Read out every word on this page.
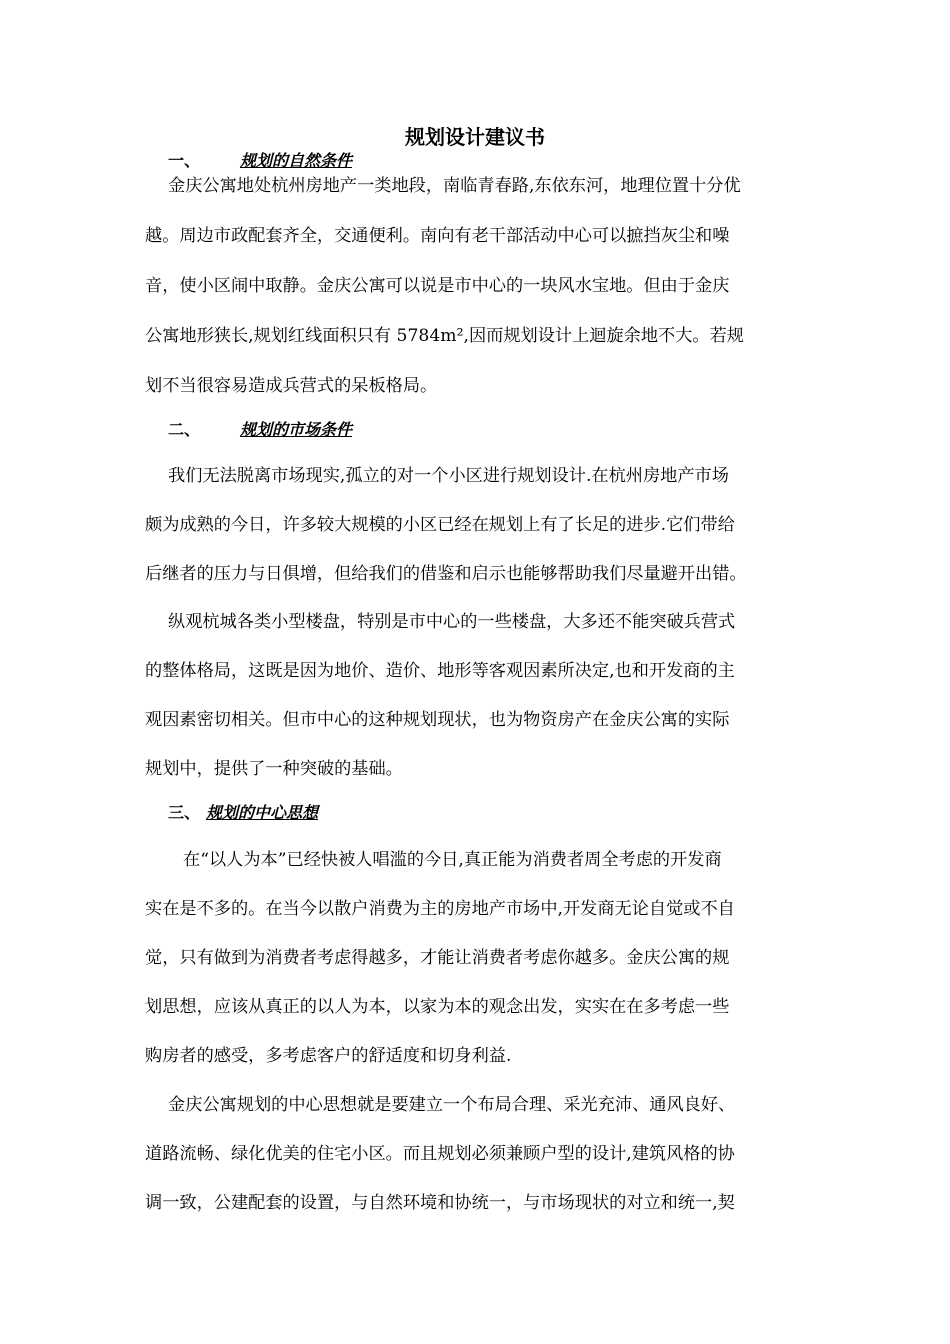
规划设计建议书
一、 规划的自然条件
金庆公寓地处杭州房地产一类地段，南临青春路,东依东河，地理位置十分优
越。周边市政配套齐全，交通便利。南向有老干部活动中心可以摭挡灰尘和噪
音，使小区闹中取静。金庆公寓可以说是市中心的一块风水宝地。但由于金庆
公寓地形狭长,规划红线面积只有 5784m²,因而规划设计上迴旋余地不大。若规
划不当很容易造成兵营式的呆板格局。
二、 规划的市场条件
我们无法脱离市场现实,孤立的对一个小区进行规划设计.在杭州房地产市场
颇为成熟的今日，许多较大规模的小区已经在规划上有了长足的进步.它们带给
后继者的压力与日俱增，但给我们的借鉴和启示也能够帮助我们尽量避开出错。
纵观杭城各类小型楼盘，特别是市中心的一些楼盘，大多还不能突破兵营式
的整体格局，这既是因为地价、造价、地形等客观因素所决定,也和开发商的主
观因素密切相关。但市中心的这种规划现状，也为物资房产在金庆公寓的实际
规划中，提供了一种突破的基础。
三、 规划的中心思想
在“以人为本”已经快被人唱滥的今日,真正能为消费者周全考虑的开发商
实在是不多的。在当今以散户消费为主的房地产市场中,开发商无论自觉或不自
觉，只有做到为消费者考虑得越多，才能让消费者考虑你越多。金庆公寓的规
划思想，应该从真正的以人为本，以家为本的观念出发，实实在在多考虑一些
购房者的感受，多考虑客户的舒适度和切身利益.
金庆公寓规划的中心思想就是要建立一个布局合理、采光充沛、通风良好、
道路流畅、绿化优美的住宅小区。而且规划必须兼顾户型的设计,建筑风格的协
调一致，公建配套的设置，与自然环境和协统一，与市场现状的对立和统一,契
